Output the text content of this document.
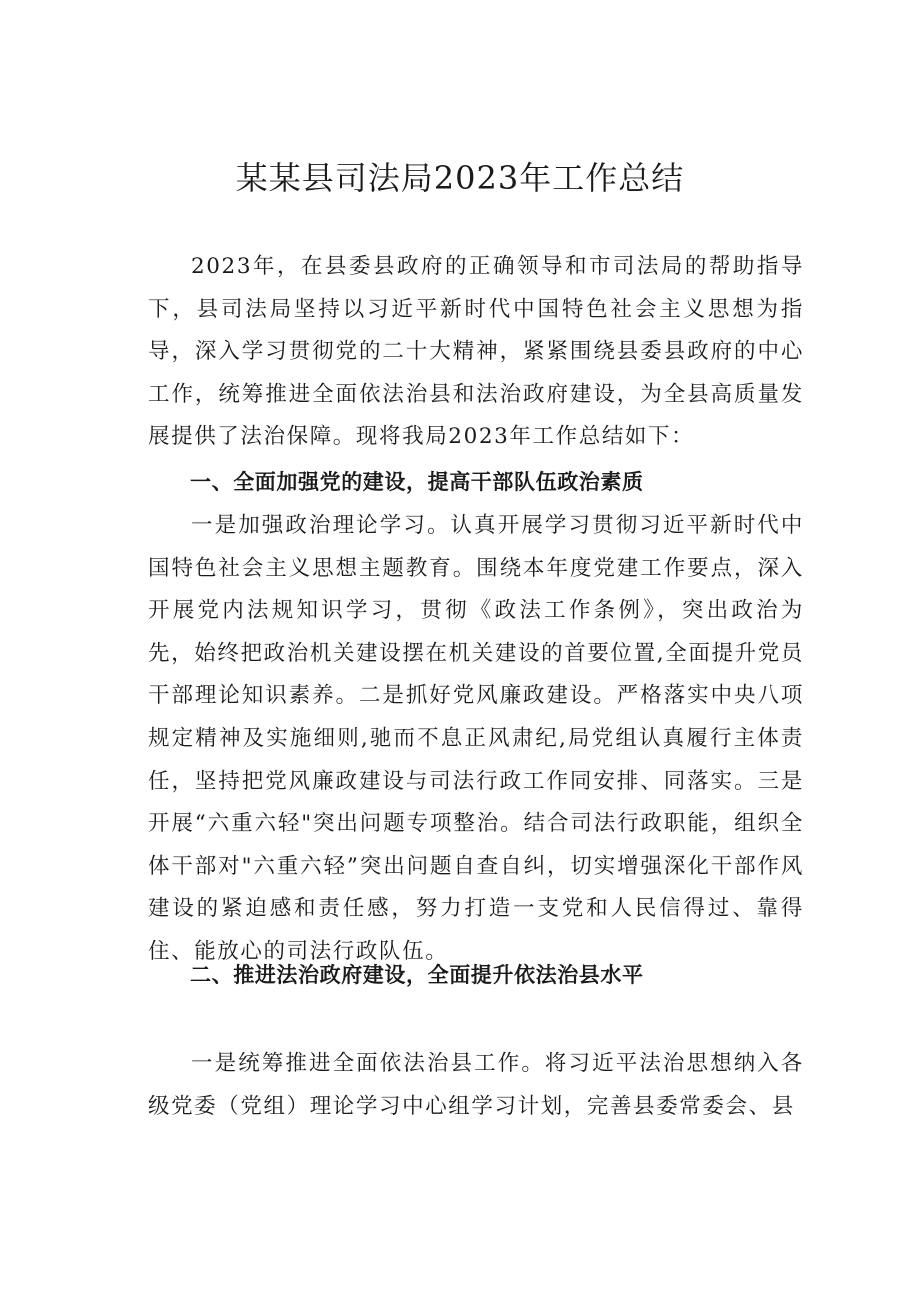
某某县司法局2023年工作总结

2023年，在县委县政府的正确领导和市司法局的帮助指导下，县司法局坚持以习近平新时代中国特色社会主义思想为指导，深入学习贯彻党的二十大精神，紧紧围绕县委县政府的中心工作，统筹推进全面依法治县和法治政府建设，为全县高质量发展提供了法治保障。现将我局2023年工作总结如下：

一、全面加强党的建设，提高干部队伍政治素质

一是加强政治理论学习。认真开展学习贯彻习近平新时代中国特色社会主义思想主题教育。围绕本年度党建工作要点，深入开展党内法规知识学习，贯彻《政法工作条例》，突出政治为先，始终把政治机关建设摆在机关建设的首要位置,全面提升党员干部理论知识素养。二是抓好党风廉政建设。严格落实中央八项规定精神及实施细则,驰而不息正风肃纪,局党组认真履行主体责任，坚持把党风廉政建设与司法行政工作同安排、同落实。三是开展“六重六轻"突出问题专项整治。结合司法行政职能，组织全体干部对"六重六轻”突出问题自查自纠，切实增强深化干部作风建设的紧迫感和责任感，努力打造一支党和人民信得过、靠得住、能放心的司法行政队伍。

二、推进法治政府建设，全面提升依法治县水平

一是统筹推进全面依法治县工作。将习近平法治思想纳入各级党委（党组）理论学习中心组学习计划，完善县委常委会、县
